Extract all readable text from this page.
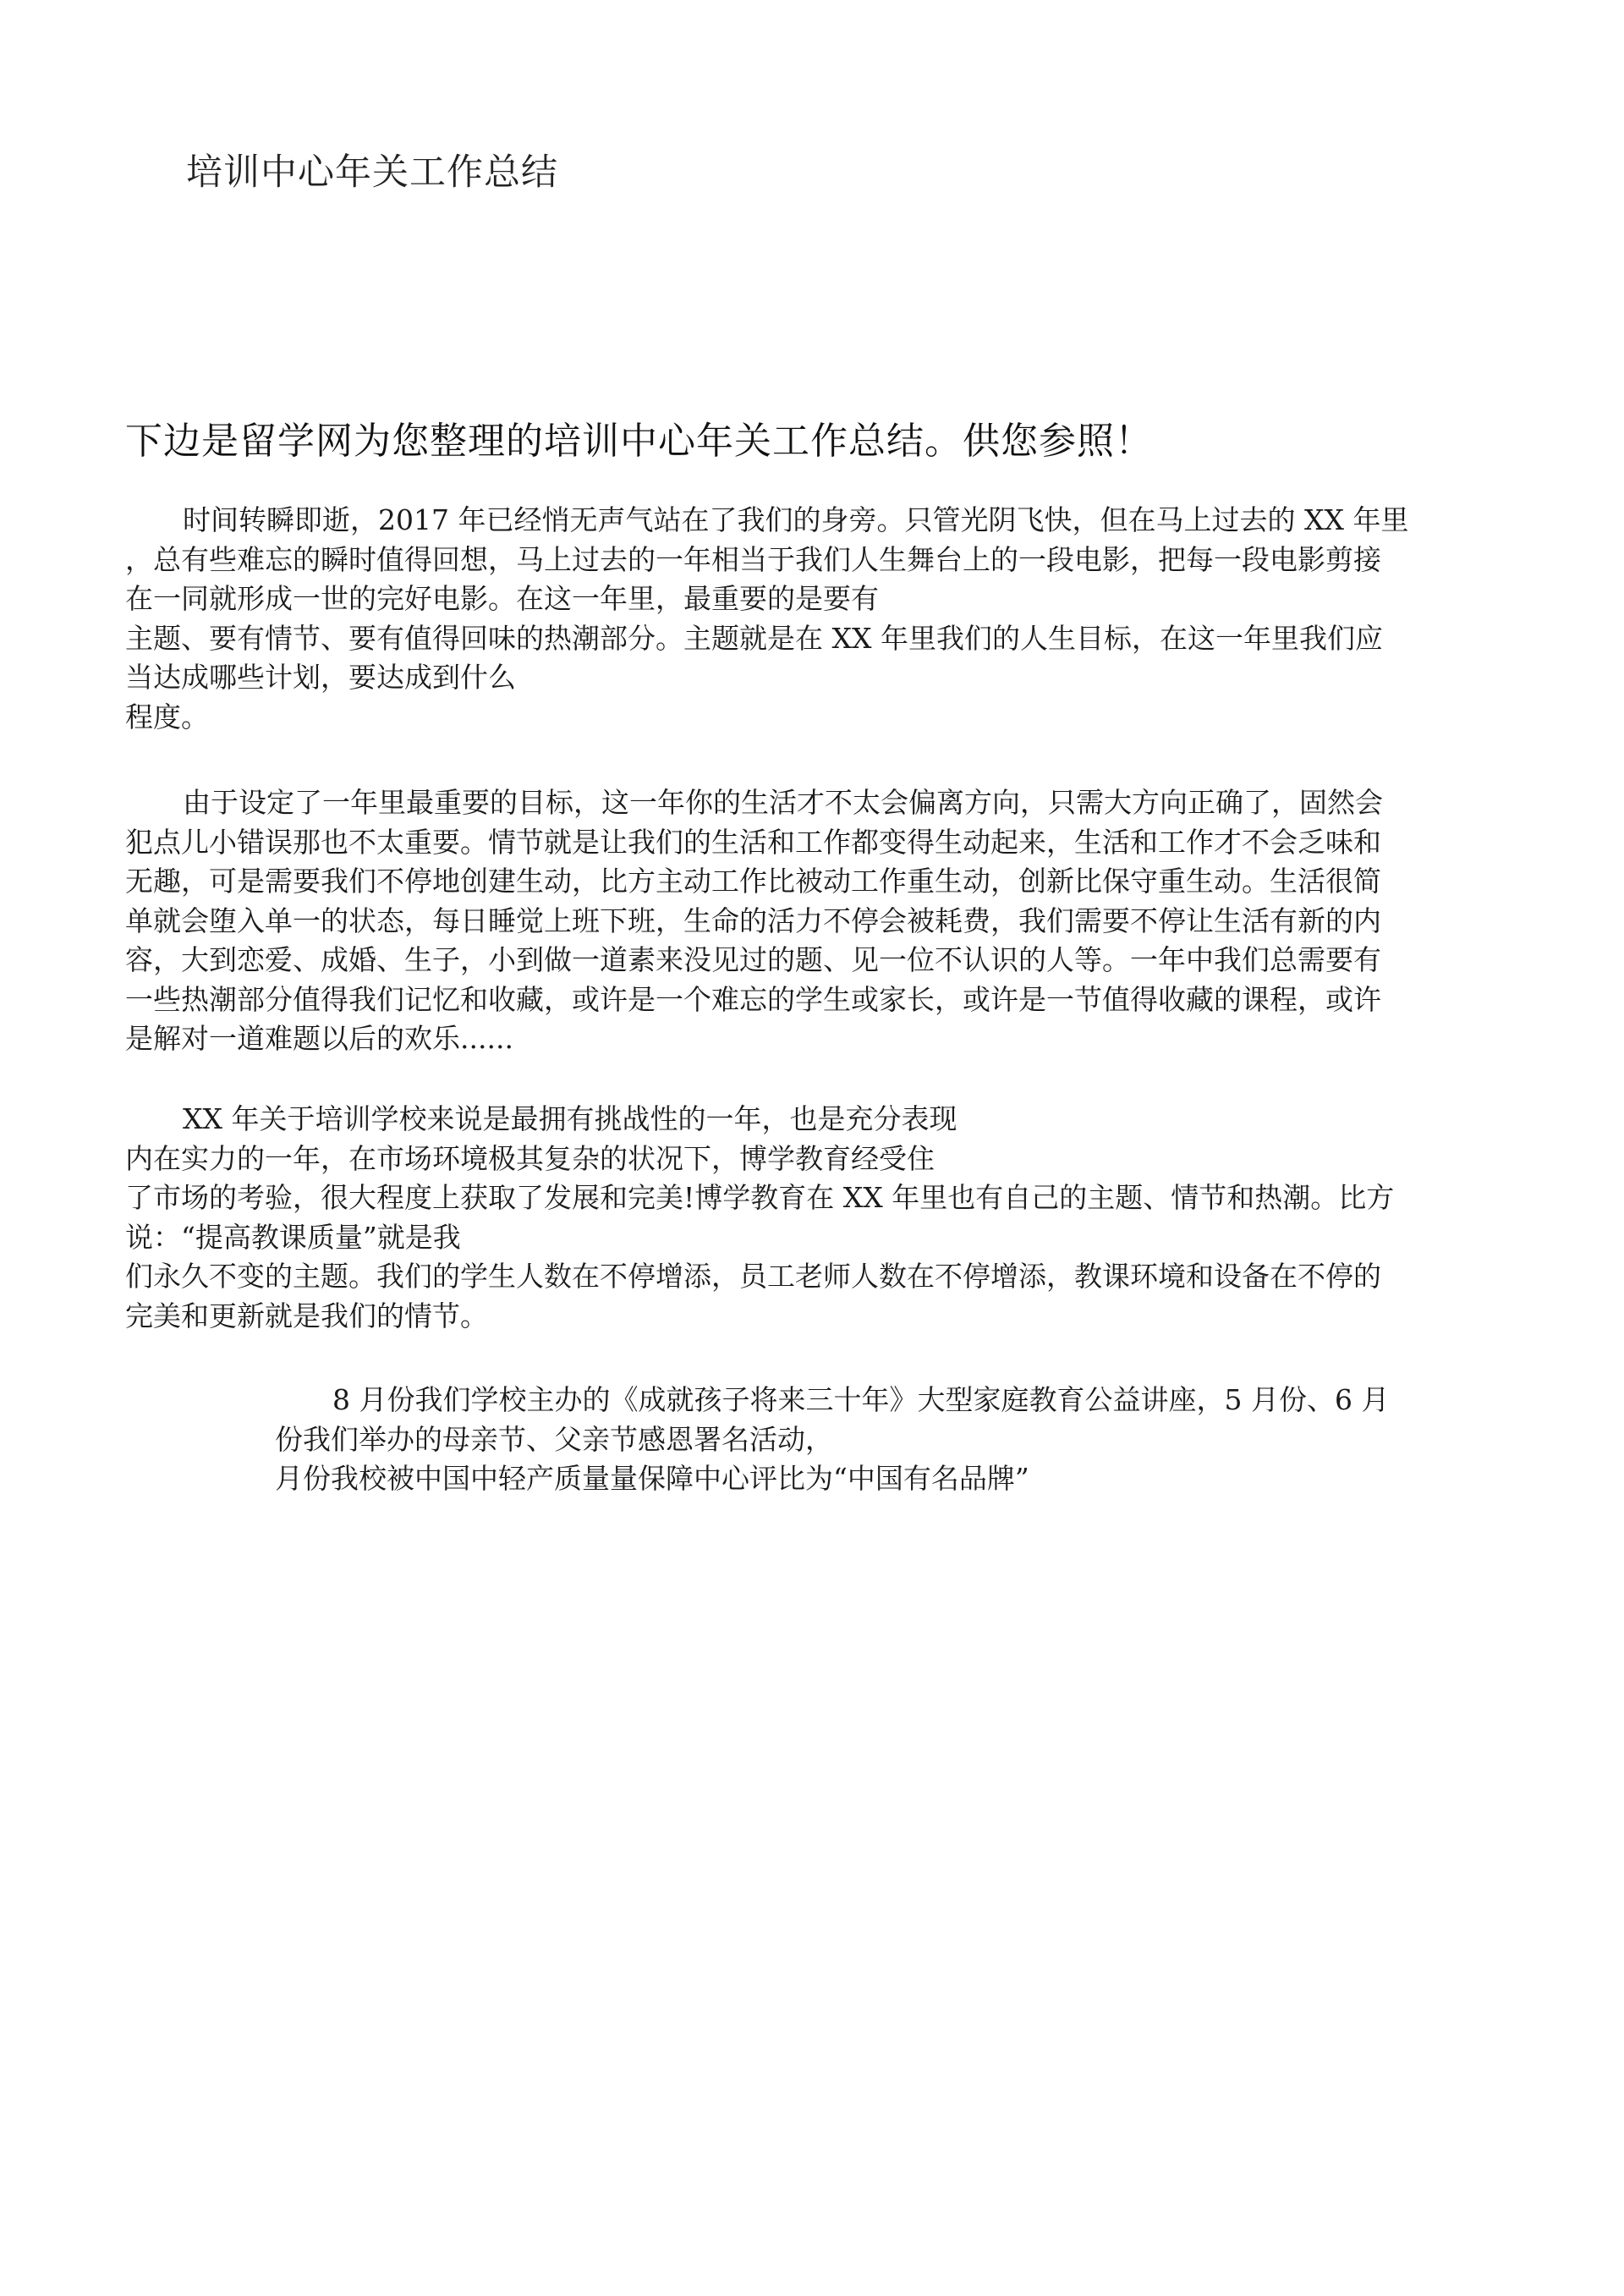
培训中心年关工作总结
下边是留学网为您整理的培训中心年关工作总结。供您参照！
时间转瞬即逝，2017 年已经悄无声气站在了我们的身旁。只管光阴飞快，但在马上过去的 XX 年里
，总有些难忘的瞬时值得回想，马上过去的一年相当于我们人生舞台上的一段电影，把每一段电影剪接
在一同就形成一世的完好电影。在这一年里，最重要的是要有
主题、要有情节、要有值得回味的热潮部分。主题就是在 XX 年里我们的人生目标，在这一年里我们应
当达成哪些计划，要达成到什么
程度。
由于设定了一年里最重要的目标，这一年你的生活才不太会偏离方向，只需大方向正确了，固然会
犯点儿小错误那也不太重要。情节就是让我们的生活和工作都变得生动起来，生活和工作才不会乏味和
无趣，可是需要我们不停地创建生动，比方主动工作比被动工作重生动，创新比保守重生动。生活很简
单就会堕入单一的状态，每日睡觉上班下班，生命的活力不停会被耗费，我们需要不停让生活有新的内
容，大到恋爱、成婚、生子，小到做一道素来没见过的题、见一位不认识的人等。一年中我们总需要有
一些热潮部分值得我们记忆和收藏，或许是一个难忘的学生或家长，或许是一节值得收藏的课程，或许
是解对一道难题以后的欢乐......
XX 年关于培训学校来说是最拥有挑战性的一年，也是充分表现
内在实力的一年，在市场环境极其复杂的状况下，博学教育经受住
了市场的考验，很大程度上获取了发展和完美!博学教育在 XX 年里也有自己的主题、情节和热潮。比方
说：“提高教课质量”就是我
们永久不变的主题。我们的学生人数在不停增添，员工老师人数在不停增添，教课环境和设备在不停的
完美和更新就是我们的情节。
8 月份我们学校主办的《成就孩子将来三十年》大型家庭教育公益讲座，5 月份、6 月
份我们举办的母亲节、父亲节感恩署名活动，
月份我校被中国中轻产质量量保障中心评比为“中国有名品牌”
